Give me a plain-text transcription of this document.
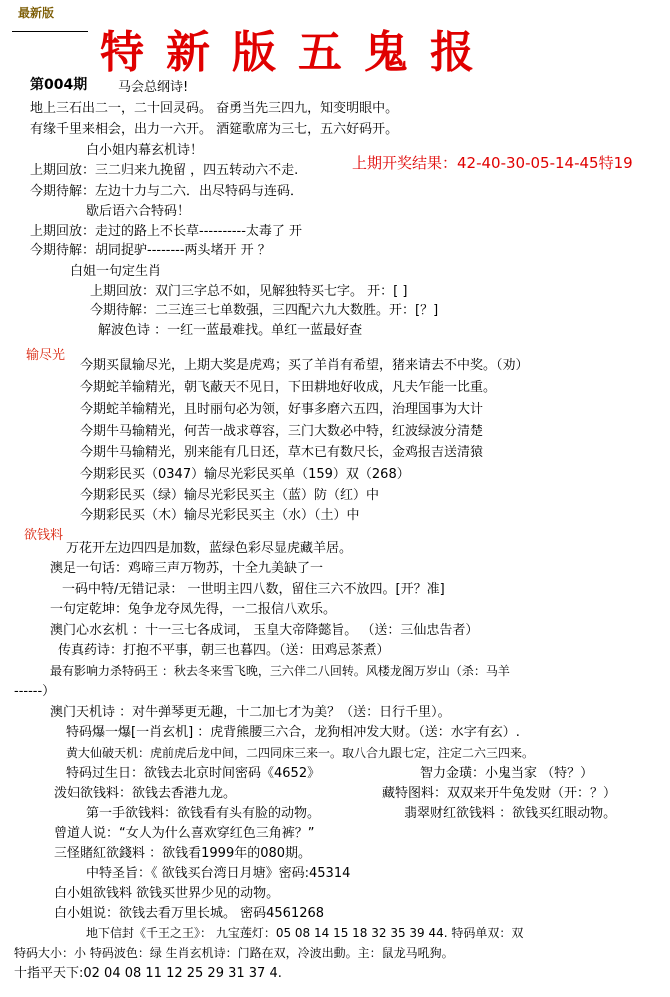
最新版
特新版五鬼报
第004期 马会总纲诗!
地上三石出二一，二十回灵码。 奋勇当先三四九，知变明眼中。
有缘千里来相会，出力一六开。 酒筵歌席为三七，五六好码开。
白小姐内幕玄机诗！
上期回放：三二归来九挽留 ，四五转动六不走.
今期待解：左边十力与二六．出尽特码与连码．
上期开奖结果：42-40-30-05-14-45特19
歇后语六合特码！
上期回放：走过的路上不长草----------太毒了 开
今期待解：胡同捉驴--------两头堵开 开 ？
白姐一句定生肖
上期回放：双门三字总不如，见解独特买七字。 开：[ ]
今期待解：二三连三七单数强，三四配六九大数胜。开：[？]
解波色诗 ：一红一蓝最难找。单红一蓝最好查
输尽光
今期买鼠输尽光，上期大奖是虎鸡；买了羊肖有希望，猪来请去不中奖。（劝）
今期蛇羊输精光，朝飞蔽天不见日，下田耕地好收成，凡夫乍能一比重。
今期蛇羊输精光，且时丽句必为领，好事多磨六五四，治理国事为大计
今期牛马输精光，何苦一战求尊容，三门大数必中特，红波绿波分清楚
今期牛马输精光，别来能有几日还，草木已有数尺长，金鸡报吉送清猿
今期彩民买（0347）输尽光彩民买单（159）双（268）
今期彩民买（绿）输尽光彩民买主（蓝）防（红）中
今期彩民买（木）输尽光彩民买主（水）（土）中
欲钱料
万花开左边四四是加数，蓝绿色彩尽显虎藏羊居。
澳足一句话：鸡啼三声万物苏，十全九美缺了一
一码中特/无错记录： 一世明主四八数，留住三六不放四。[开？准]
一句定乾坤：兔争龙夺凤先得，一二报信八欢乐。
澳门心水玄机 ：十一三七各成词， 玉皇大帝降懿旨。 （送：三仙忠告者）
传真药诗：打抱不平事，朝三也暮四。（送：田鸡忌茶煮）
最有影响力杀特码王 ：秋去冬来雪飞晚，三六伴二八回转。风楼龙阁万岁山（杀：马羊
------）
澳门天机诗 ：对牛弹琴更无趣，十二加七才为美？（送：日行千里）。
特码爆一爆[一肖玄机] ：虎背熊腰三六合，龙狗相冲发大财。（送：水字有玄）.
黄大仙破天机：虎前虎后龙中间，二四同床三来一。取八合九跟七定，注定二六三四来。
特码过生日：欲钱去北京时间密码《4652》	智力金璜：小鬼当家 （特？）
泼妇欲钱料：欲钱去香港九龙。	藏特图料：双双来开牛兔发财（开：？）
第一手欲钱料：欲钱看有头有脸的动物。	翡翠财红欲钱料 ：欲钱买红眼动物。
曾道人说：“女人为什么喜欢穿红色三角裤？”
三怪賭紅欲錢料 ：欲钱看1999年的080期。
中特圣旨：《 欲钱买台湾日月塘》密码:45314
白小姐欲钱料 欲钱买世界少见的动物。
白小姐说：欲钱去看万里长城。 密码4561268
地下信封《千王之王》： 九宝莲灯：05 08 14 15 18 32 35 39 44. 特码单双：双
特码大小：小 特码波色：绿 生肖玄机诗：门路在双，冷波出動。主：鼠龙马吼狗。
十指平天下:02 04 08 11 12 25 29 31 37 4.
